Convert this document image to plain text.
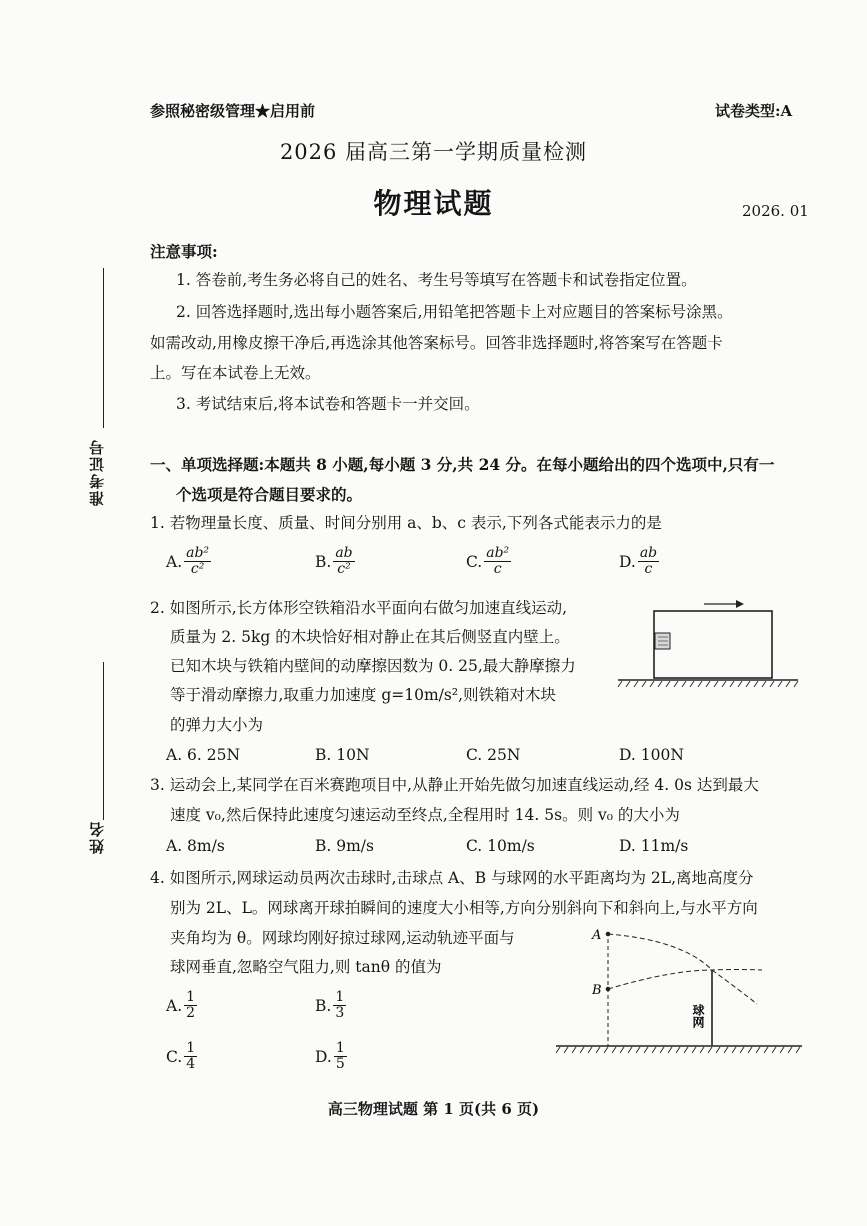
参照秘密级管理★启用前	试卷类型:A
2026 届高三第一学期质量检测
物理试题	2026. 01
准考证号
姓名
注意事项:
1. 答卷前,考生务必将自己的姓名、考生号等填写在答题卡和试卷指定位置。
2. 回答选择题时,选出每小题答案后,用铅笔把答题卡上对应题目的答案标号涂黑。
如需改动,用橡皮擦干净后,再选涂其他答案标号。回答非选择题时,将答案写在答题卡
上。写在本试卷上无效。
3. 考试结束后,将本试卷和答题卡一并交回。
一、单项选择题:本题共 8 小题,每小题 3 分,共 24 分。在每小题给出的四个选项中,只有一
个选项是符合题目要求的。
1. 若物理量长度、质量、时间分别用 a、b、c 表示,下列各式能表示力的是
A. $\frac{\text{ab²}}{\text{c²}}$	B. $\frac{ab}{\text{c²}}$	C. $\frac{\text{ab²}}{c}$	D. $\frac{ab}{c}$
2. 如图所示,长方体形空铁箱沿水平面向右做匀加速直线运动,
质量为 2. 5kg 的木块恰好相对静止在其后侧竖直内壁上。
已知木块与铁箱内壁间的动摩擦因数为 0. 25,最大静摩擦力
等于滑动摩擦力,取重力加速度 g=10m/s²,则铁箱对木块
的弹力大小为
A. 6. 25N	B. 10N	C. 25N	D. 100N
3. 运动会上,某同学在百米赛跑项目中,从静止开始先做匀加速直线运动,经 4. 0s 达到最大
速度 v₀,然后保持此速度匀速运动至终点,全程用时 14. 5s。则 v₀ 的大小为
A. 8m/s	B. 9m/s	C. 10m/s	D. 11m/s
4. 如图所示,网球运动员两次击球时,击球点 A、B 与球网的水平距离均为 2L,离地高度分
别为 2L、L。网球离开球拍瞬间的速度大小相等,方向分别斜向下和斜向上,与水平方向
夹角均为 θ。网球均刚好掠过球网,运动轨迹平面与
球网垂直,忽略空气阻力,则 tanθ 的值为
A. $\frac{1}{2}$	B. $\frac{1}{3}$
C. $\frac{1}{4}$	D. $\frac{1}{5}$
A
B
球网
高三物理试题 第 1 页(共 6 页)
